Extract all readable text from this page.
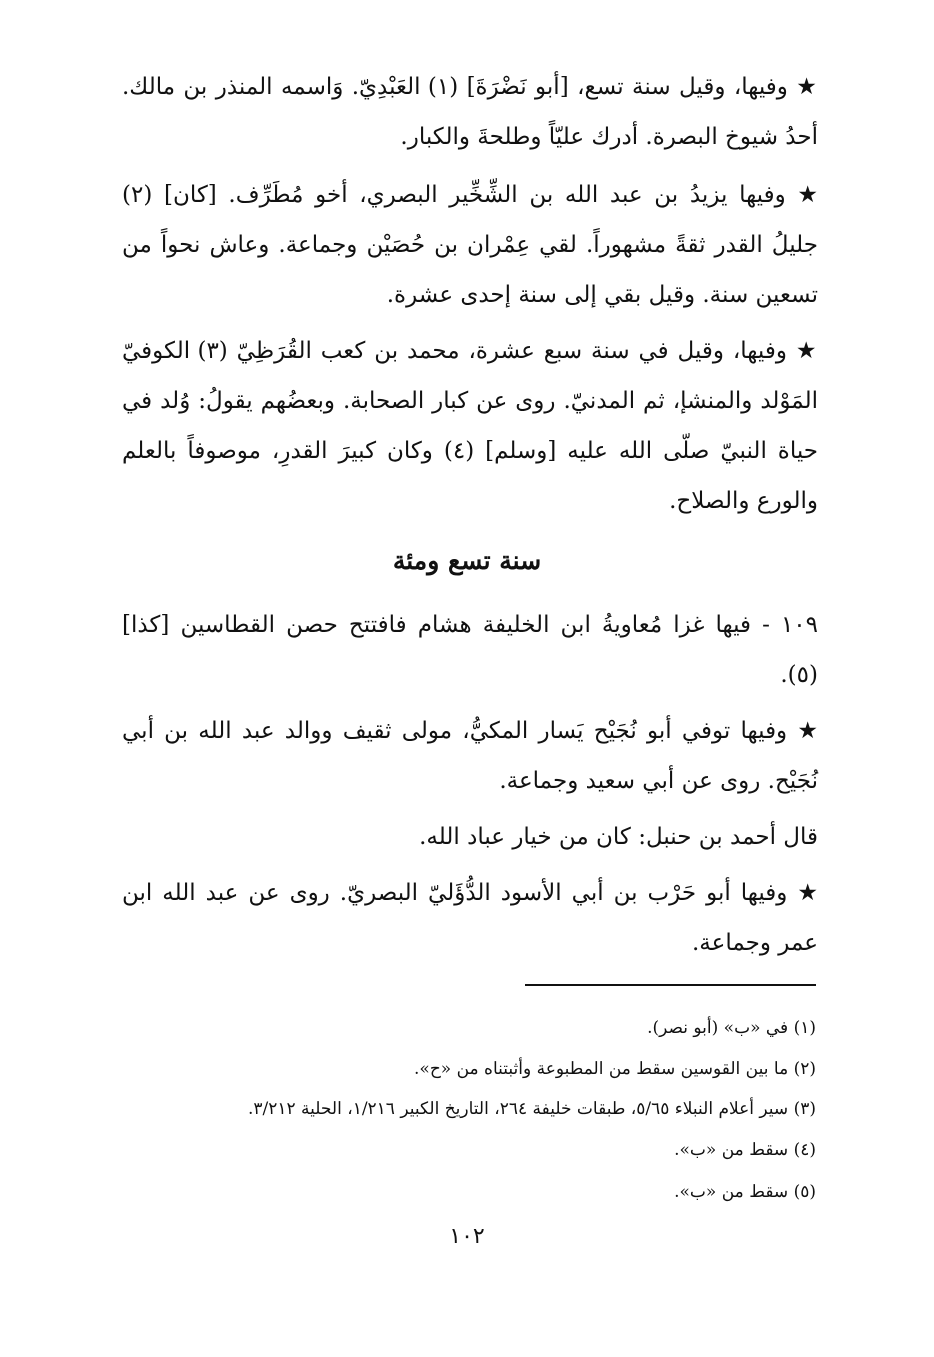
★ وفيها، وقيل سنة تسع، [أبو نَضْرَةَ] (١) العَبْدِيّ. وَاسمه المنذر بن مالك. أحدُ شيوخ البصرة. أدرك عليّاً وطلحةَ والكبار.

★ وفيها يزيدُ بن عبد الله بن الشِّخِّير البصري، أخو مُطَرِّف. [كان] (٢) جليلُ القدر ثقةً مشهوراً. لقي عِمْران بن حُصَيْن وجماعة. وعاش نحواً من تسعين سنة. وقيل بقي إلى سنة إحدى عشرة.

★ وفيها، وقيل في سنة سبع عشرة، محمد بن كعب القُرَظِيّ (٣) الكوفيّ المَوْلد والمنشإ، ثم المدنيّ. روى عن كبار الصحابة. وبعضُهم يقولُ: وُلد في حياة النبيّ صلّى الله عليه [وسلم] (٤) وكان كبيرَ القدرِ، موصوفاً بالعلم والورع والصلاح.

سنة تسع ومئة

١٠٩ - فيها غزا مُعاويةُ ابن الخليفة هشام فافتتح حصن القطاسين [كذا] (٥).

★ وفيها توفي أبو نُجَيْح يَسار المكيُّ، مولى ثقيف ووالد عبد الله بن أبي نُجَيْح. روى عن أبي سعيد وجماعة.

قال أحمد بن حنبل: كان من خيار عباد الله.

★ وفيها أبو حَرْب بن أبي الأسود الدُّؤَليّ البصريّ. روى عن عبد الله ابن عمر وجماعة.

(١) في «ب» (أبو نصر).
(٢) ما بين القوسين سقط من المطبوعة وأثبتناه من «ح».
(٣) سير أعلام النبلاء ٥/٦٥، طبقات خليفة ٢٦٤، التاريخ الكبير ١/٢١٦، الحلية ٣/٢١٢.
(٤) سقط من «ب».
(٥) سقط من «ب».
١٠٢
